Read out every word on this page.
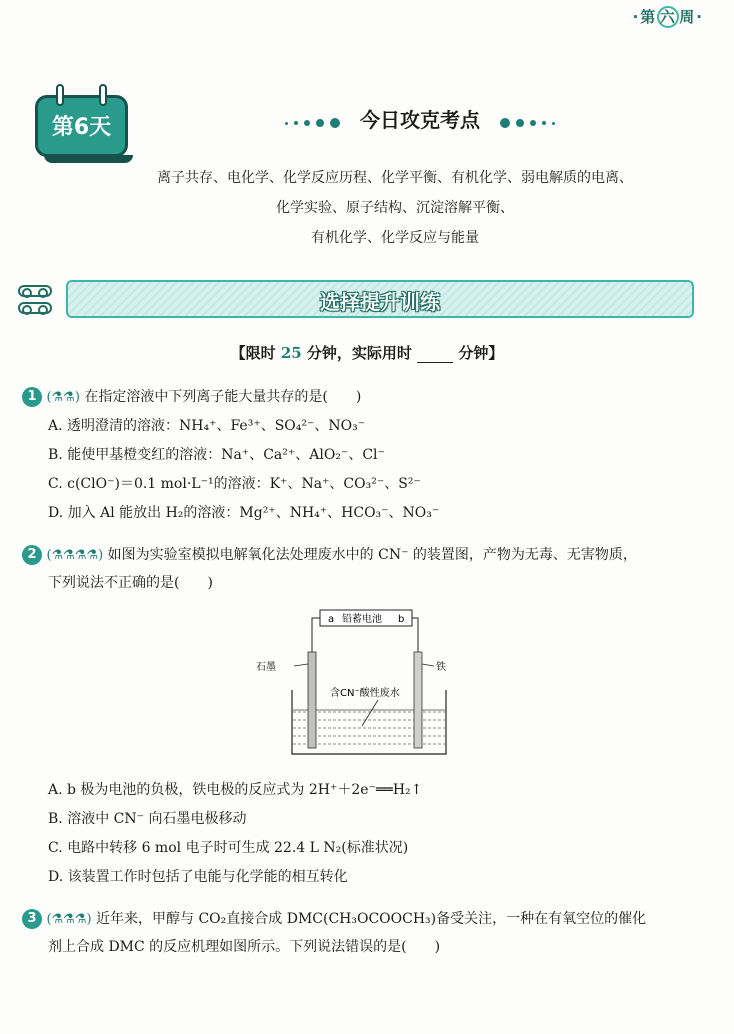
·第 六 周·
第6天	今日攻克考点
离子共存、电化学、化学反应历程、化学平衡、有机化学、弱电解质的电离、
化学实验、原子结构、沉淀溶解平衡、
有机化学、化学反应与能量
选择提升训练
【限时 25 分钟，实际用时	分钟】
1 (⚗⚗) 在指定溶液中下列离子能大量共存的是(　　)
A. 透明澄清的溶液：NH₄⁺、Fe³⁺、SO₄²⁻、NO₃⁻
B. 能使甲基橙变红的溶液：Na⁺、Ca²⁺、AlO₂⁻、Cl⁻
C. c(ClO⁻)＝0.1 mol·L⁻¹的溶液：K⁺、Na⁺、CO₃²⁻、S²⁻
D. 加入 Al 能放出 H₂的溶液：Mg²⁺、NH₄⁺、HCO₃⁻、NO₃⁻
2 (⚗⚗⚗⚗) 如图为实验室模拟电解氧化法处理废水中的 CN⁻ 的装置图，产物为无毒、无害物质，
下列说法不正确的是(　　)
a 铅蓄电池 b
石墨	铁
含CN⁻酸性废水
A. b 极为电池的负极，铁电极的反应式为 2H⁺＋2e⁻══H₂↑
B. 溶液中 CN⁻ 向石墨电极移动
C. 电路中转移 6 mol 电子时可生成 22.4 L N₂(标准状况)
D. 该装置工作时包括了电能与化学能的相互转化
3 (⚗⚗⚗) 近年来，甲醇与 CO₂直接合成 DMC(CH₃OCOOCH₃)备受关注，一种在有氧空位的催化
剂上合成 DMC 的反应机理如图所示。下列说法错误的是(　　)
